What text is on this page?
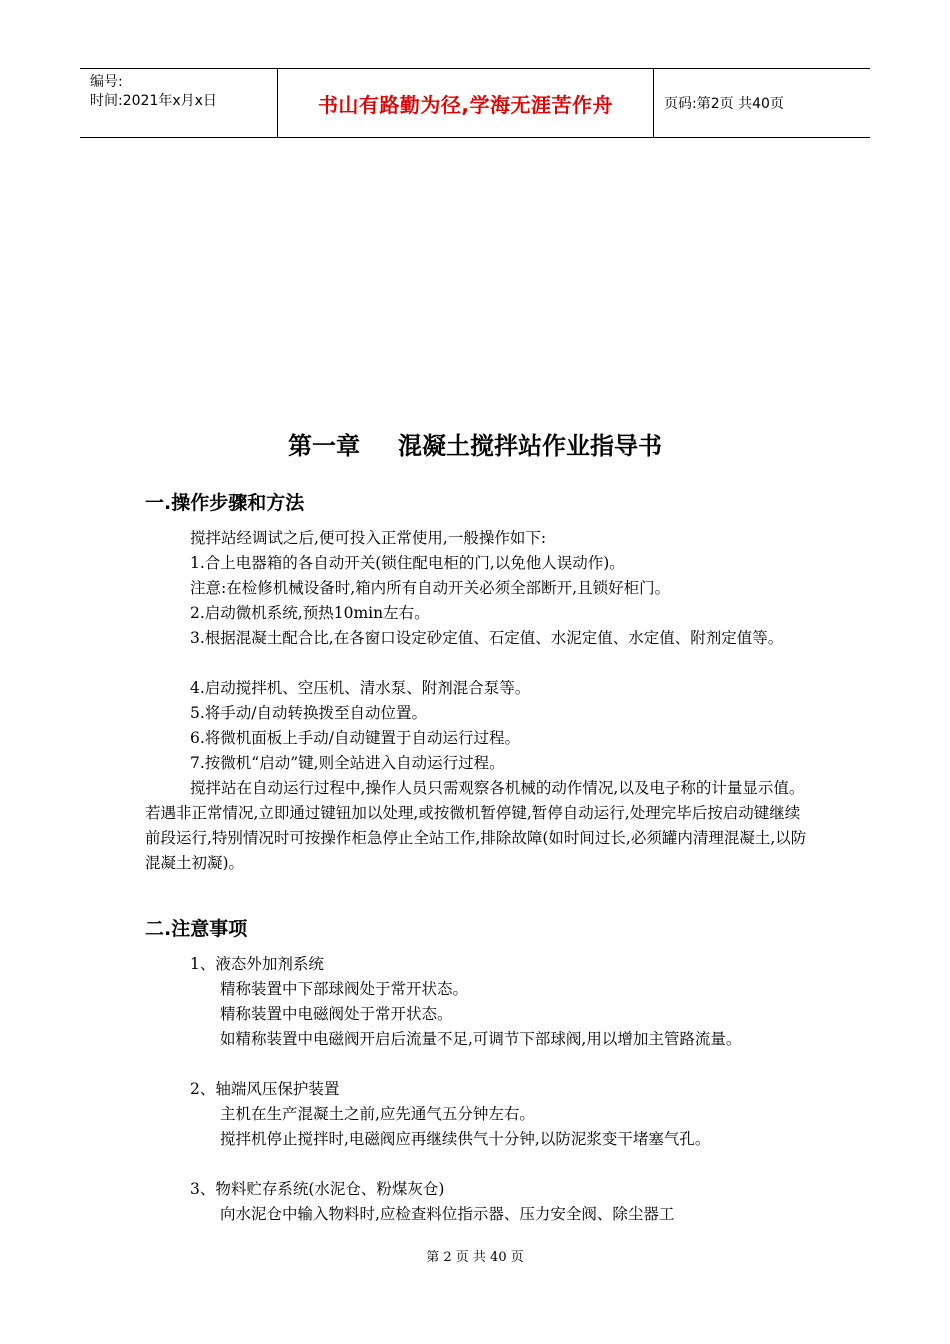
编号:
时间:2021年x月x日	书山有路勤为径,学海无涯苦作舟	页码:第2页 共40页
第一章 混凝土搅拌站作业指导书
一.操作步骤和方法
搅拌站经调试之后,便可投入正常使用,一般操作如下:
1.合上电器箱的各自动开关(锁住配电柜的门,以免他人误动作)。
注意:在检修机械设备时,箱内所有自动开关必须全部断开,且锁好柜门。
2.启动微机系统,预热10min左右。
3.根据混凝土配合比,在各窗口设定砂定值、石定值、水泥定值、水定值、附剂定值等。
4.启动搅拌机、空压机、清水泵、附剂混合泵等。
5.将手动/自动转换拨至自动位置。
6.将微机面板上手动/自动键置于自动运行过程。
7.按微机“启动”键,则全站进入自动运行过程。
搅拌站在自动运行过程中,操作人员只需观察各机械的动作情况,以及电子称的计量显示值。若遇非正常情况,立即通过键钮加以处理,或按微机暂停键,暂停自动运行,处理完毕后按启动键继续前段运行,特别情况时可按操作柜急停止全站工作,排除故障(如时间过长,必须罐内清理混凝土,以防混凝土初凝)。
二.注意事项
1、液态外加剂系统
精称装置中下部球阀处于常开状态。
精称装置中电磁阀处于常开状态。
如精称装置中电磁阀开启后流量不足,可调节下部球阀,用以增加主管路流量。
2、轴端风压保护装置
主机在生产混凝土之前,应先通气五分钟左右。
搅拌机停止搅拌时,电磁阀应再继续供气十分钟,以防泥浆变干堵塞气孔。
3、物料贮存系统(水泥仓、粉煤灰仓)
向水泥仓中输入物料时,应检查料位指示器、压力安全阀、除尘器工
第 2 页 共 40 页
